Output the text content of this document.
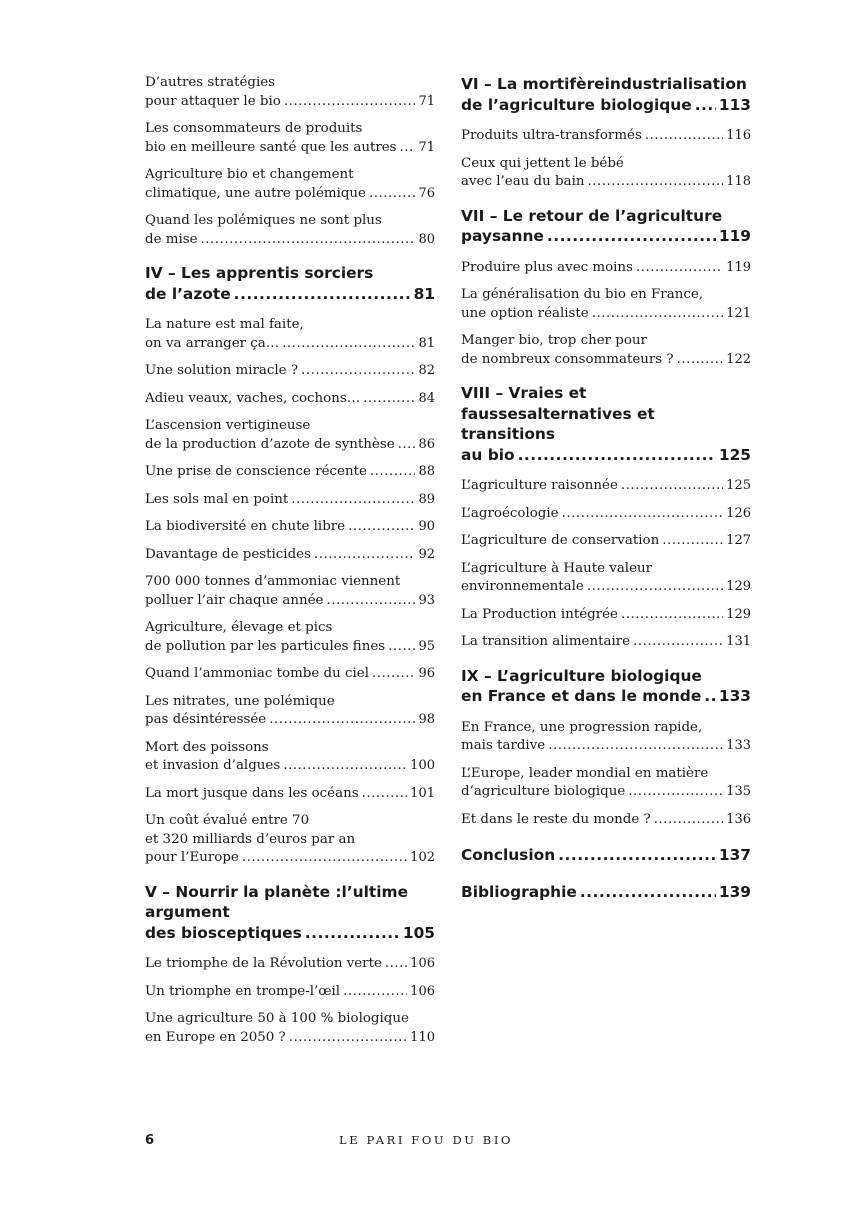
D’autres stratégies
pour attaquer le bio .....	71
Les consommateurs de produits
bio en meilleure santé que les autres ..... 71
Agriculture bio et changement
climatique, une autre polémique .....	76
Quand les polémiques ne sont plus
de mise .....	80
IV – Les apprentis sorciers
de l’azote .....	81
La nature est mal faite,
on va arranger ça… .....	81
Une solution miracle ? .....	82
Adieu veaux, vaches, cochons… .....	84
L’ascension vertigineuse
de la production d’azote de synthèse ..... 86
Une prise de conscience récente .....	88
Les sols mal en point .....	89
La biodiversité en chute libre .....	90
Davantage de pesticides .....	92
700 000 tonnes d’ammoniac viennent
polluer l’air chaque année .....	93
Agriculture, élevage et pics
de pollution par les particules fines .....	95
Quand l’ammoniac tombe du ciel .....	96
Les nitrates, une polémique
pas désintéressée .....	98
Mort des poissons
et invasion d’algues .....	100
La mort jusque dans les océans .....	101
Un coût évalué entre 70
et 320 milliards d’euros par an
pour l’Europe .....	102
V – Nourrir la planète :l’ultime argument
des biosceptiques .....	105
Le triomphe de la Révolution verte ..... 106
Un triomphe en trompe-l’œil .....	106
Une agriculture 50 à 100 % biologique
en Europe en 2050 ? .....	110
VI – La mortifèreindustrialisation
de l’agriculture biologique ..... 113
Produits ultra-transformés .....	116
Ceux qui jettent le bébé
avec l’eau du bain .....	118
VII – Le retour de l’agriculture
paysanne .....	119
Produire plus avec moins .....	119
La généralisation du bio en France,
une option réaliste .....	121
Manger bio, trop cher pour
de nombreux consommateurs ? .....	122
VIII – Vraies et faussesalternatives et transitions
au bio .....	125
L’agriculture raisonnée .....	125
L’agroécologie .....	126
L’agriculture de conservation .....	127
L’agriculture à Haute valeur
environnementale .....	129
La Production intégrée .....	129
La transition alimentaire .....	131
IX – L’agriculture biologique
en France et dans le monde ..... 133
En France, une progression rapide,
mais tardive .....	133
L’Europe, leader mondial en matière
d’agriculture biologique .....	135
Et dans le reste du monde ? .....	136
Conclusion .....	137
Bibliographie .....	139
6	LE PARI FOU DU BIO
